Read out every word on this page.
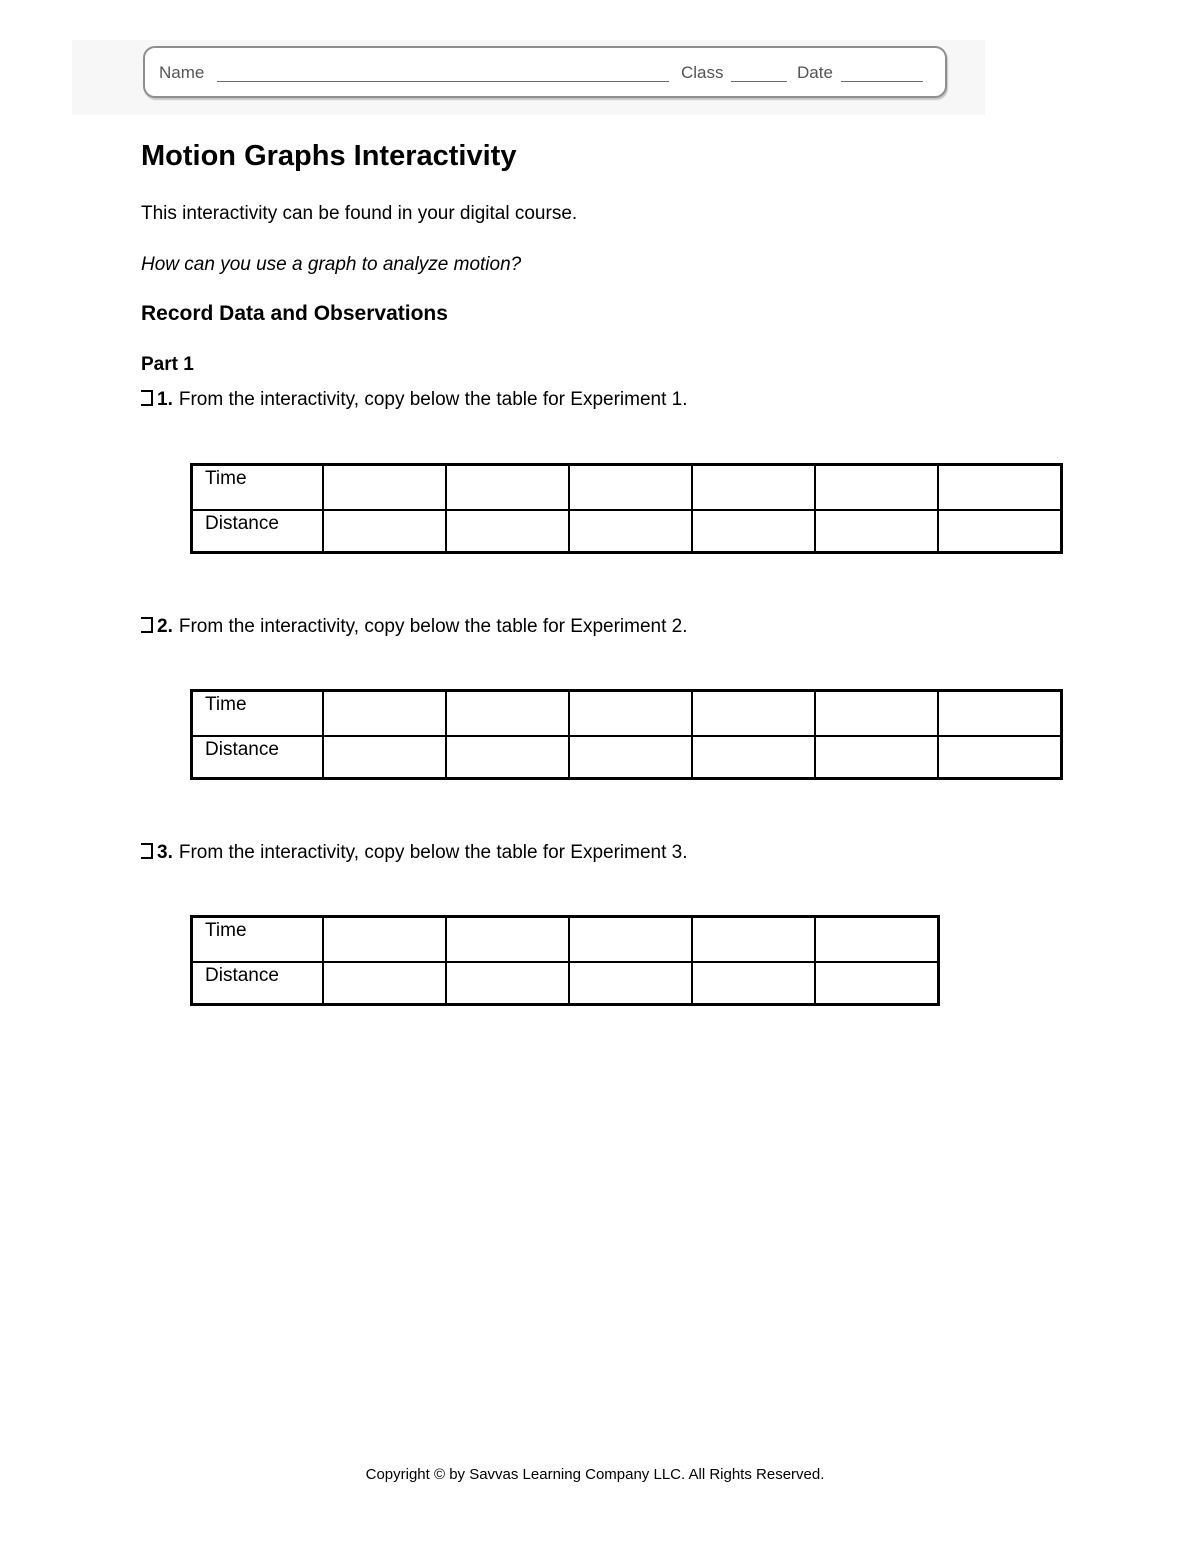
Name	Class	Date
Motion Graphs Interactivity
This interactivity can be found in your digital course.
How can you use a graph to analyze motion?
Record Data and Observations
Part 1
1. From the interactivity, copy below the table for Experiment 1.
Time						
Distance						
2. From the interactivity, copy below the table for Experiment 2.
Time						
Distance						
3. From the interactivity, copy below the table for Experiment 3.
Time					
Distance					
Copyright © by Savvas Learning Company LLC. All Rights Reserved.
